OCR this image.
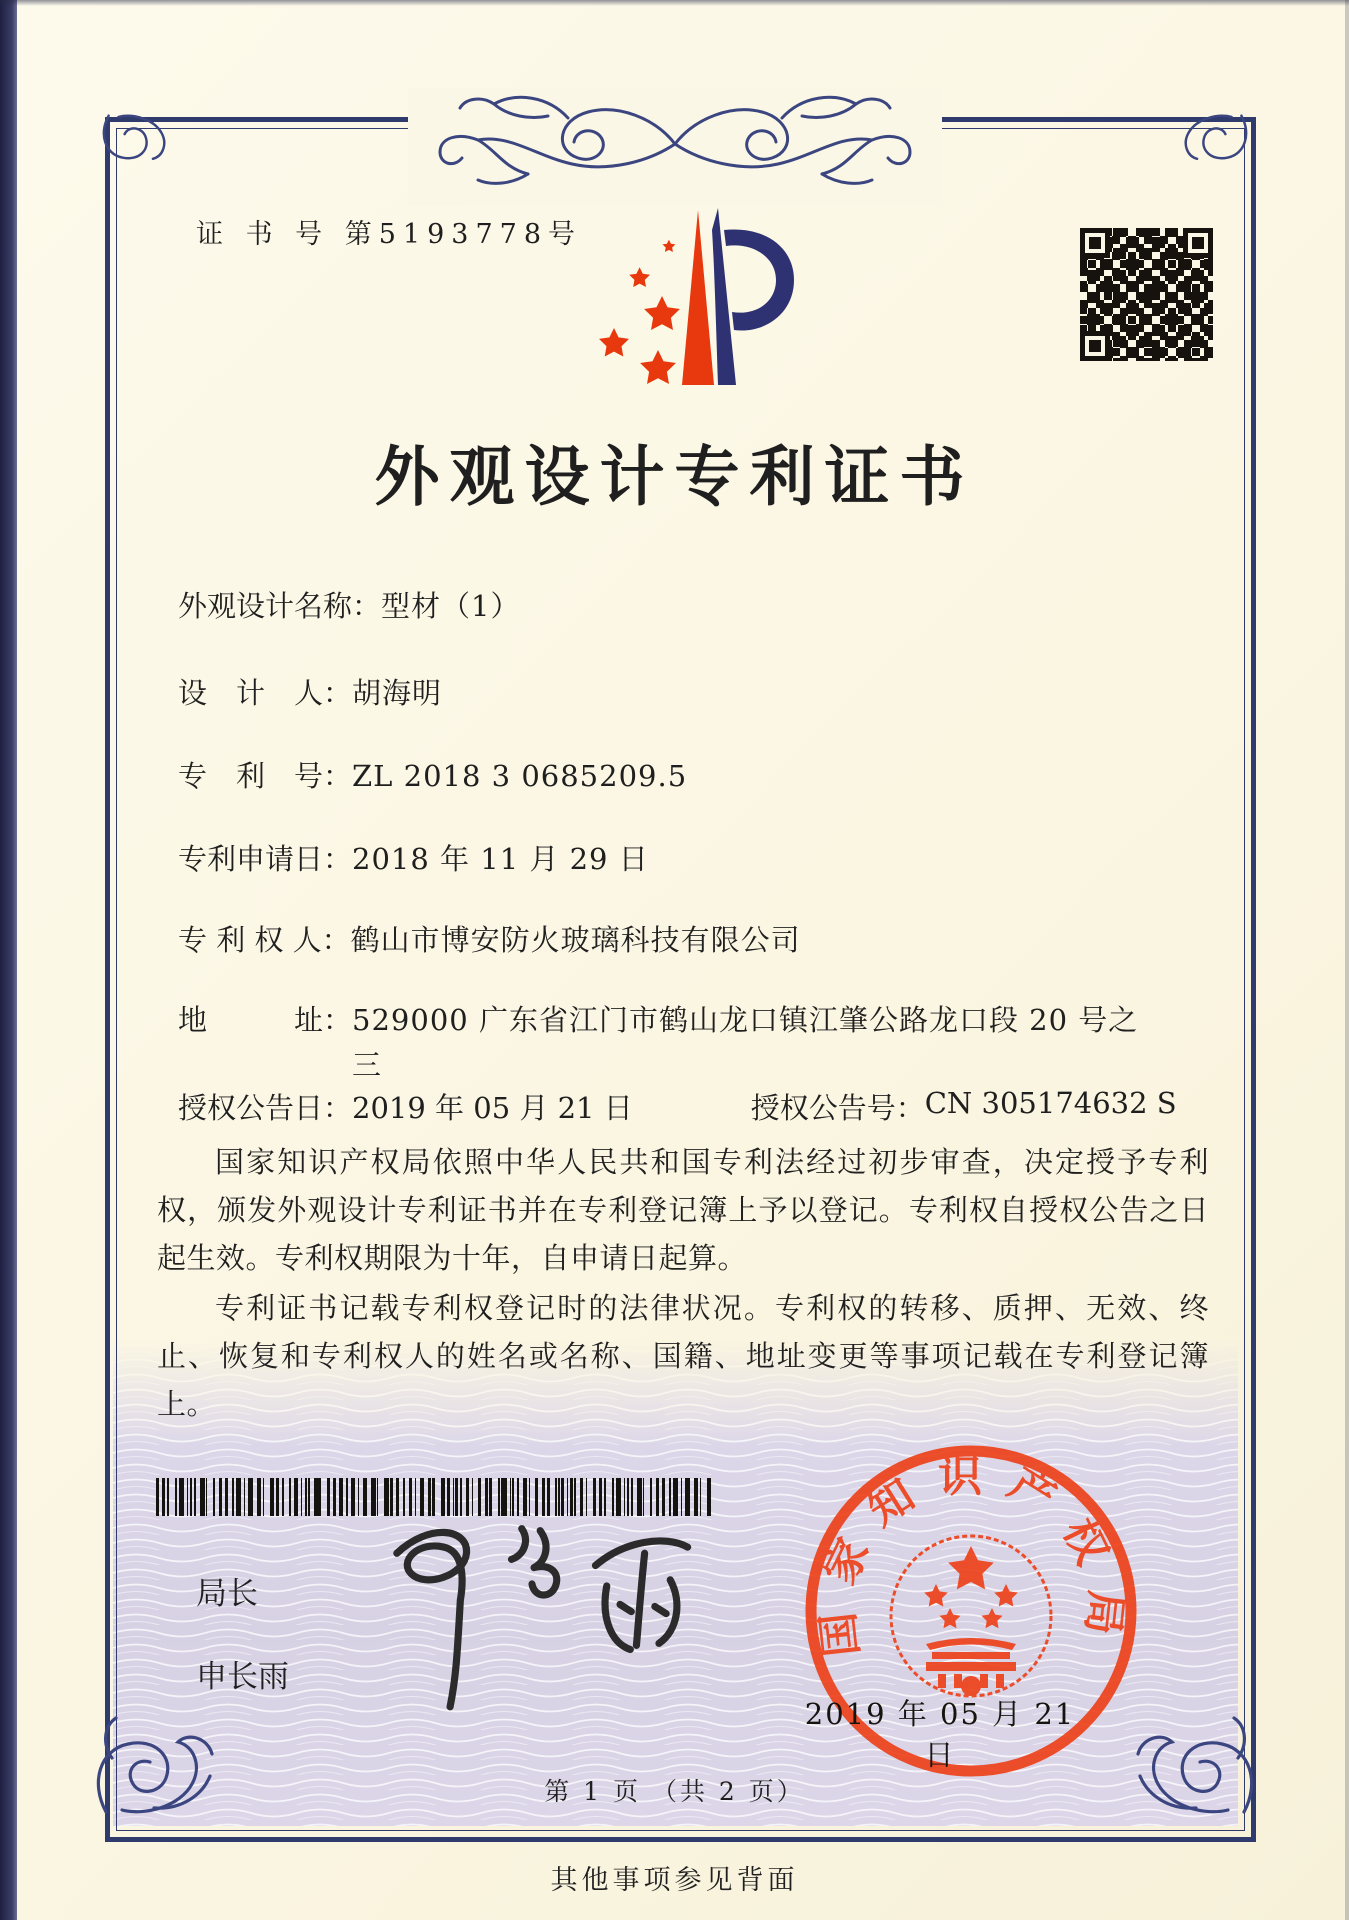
证 书 号 第5193778号
外观设计专利证书
外观设计名称： 型材（1）
设　计　人： 胡海明
专　利　号： ZL 2018 3 0685209.5
专利申请日： 2018 年 11 月 29 日
专 利 权 人： 鹤山市博安防火玻璃科技有限公司
地　　　址： 529000 广东省江门市鹤山龙口镇江肇公路龙口段 20 号之三
授权公告日： 2019 年 05 月 21 日	授权公告号： CN 305174632 S

国家知识产权局依照中华人民共和国专利法经过初步审查，决定授予专利权，颁发外观设计专利证书并在专利登记簿上予以登记。专利权自授权公告之日起生效。专利权期限为十年，自申请日起算。

专利证书记载专利权登记时的法律状况。专利权的转移、质押、无效、终止、恢复和专利权人的姓名或名称、国籍、地址变更等事项记载在专利登记簿上。

局长
申长雨
国家知识产权局
2019 年 05 月 21 日
第 1 页 （共 2 页）
其他事项参见背面
